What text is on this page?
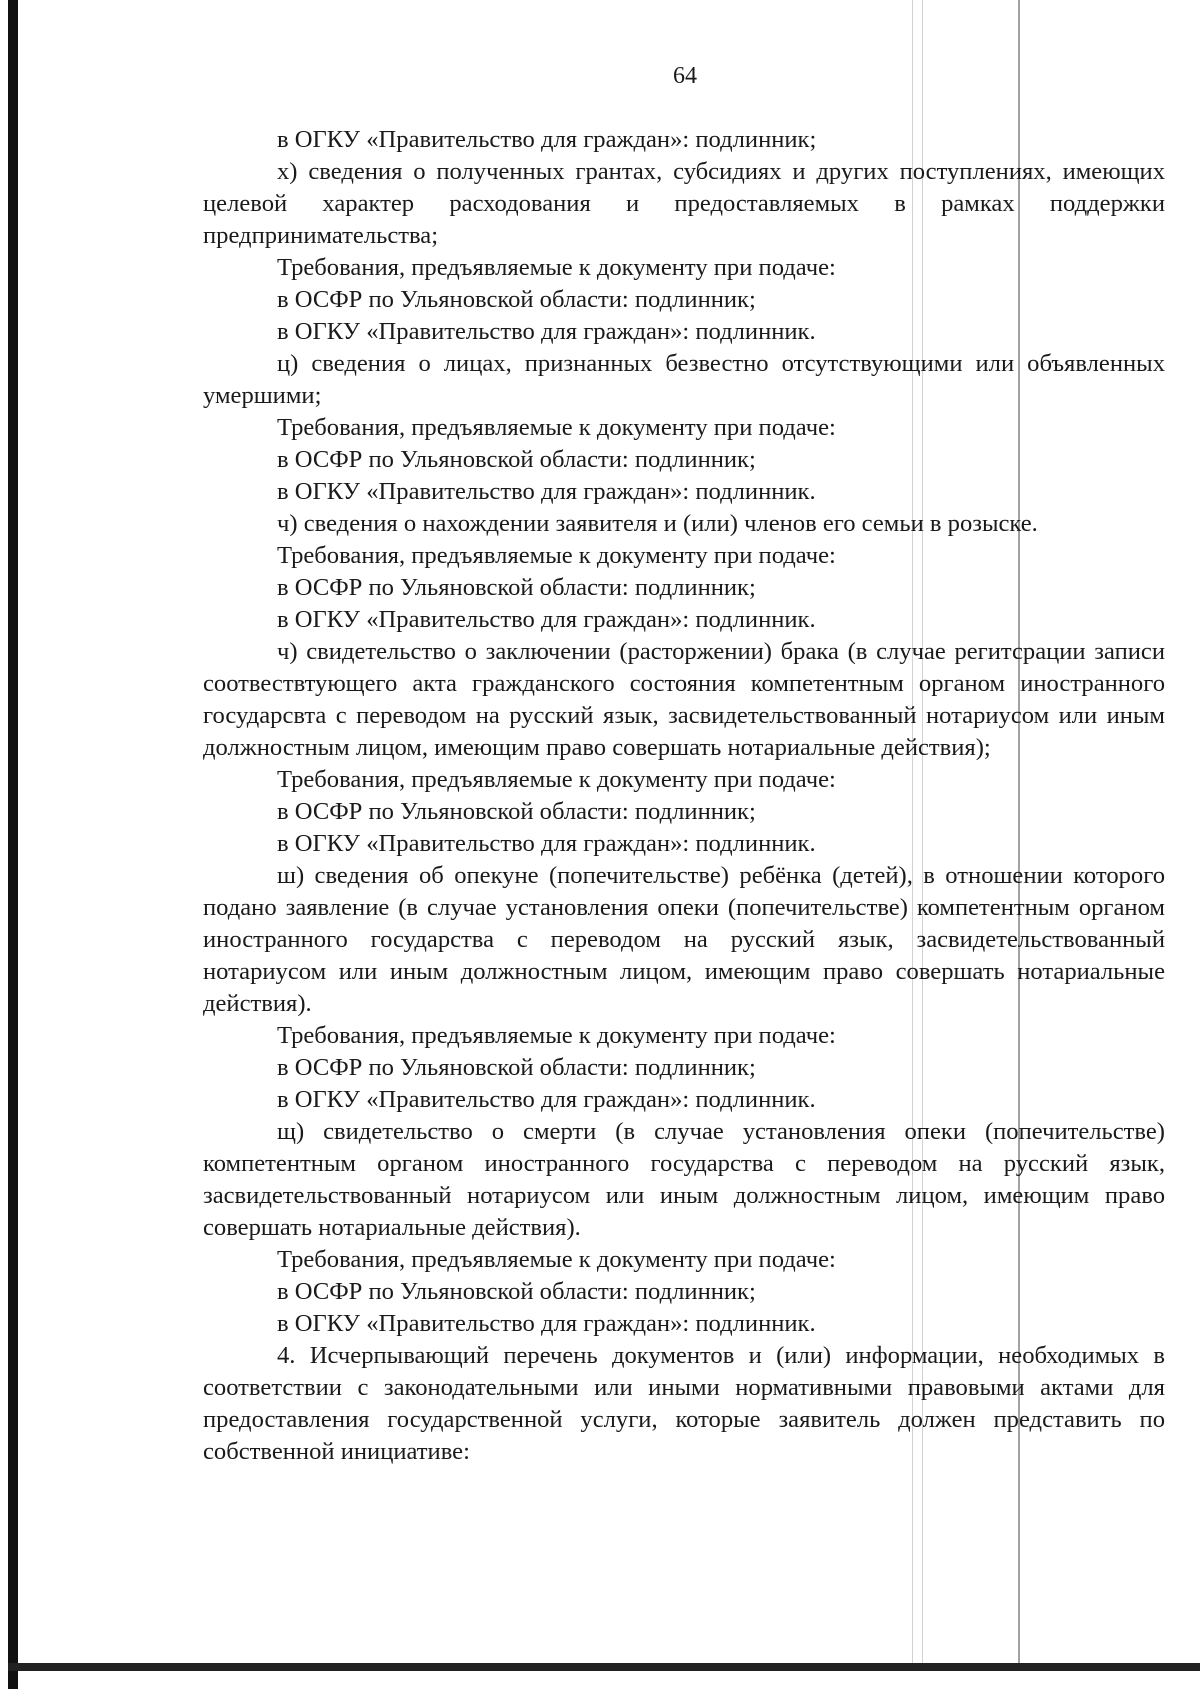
64

в ОГКУ «Правительство для граждан»: подлинник;

х) сведения о полученных грантах, субсидиях и других поступлениях, имеющих целевой характер расходования и предоставляемых в рамках поддержки предпринимательства;

Требования, предъявляемые к документу при подаче:

в ОСФР по Ульяновской области: подлинник;

в ОГКУ «Правительство для граждан»: подлинник.

ц) сведения о лицах, признанных безвестно отсутствующими или объявленных умершими;

Требования, предъявляемые к документу при подаче:

в ОСФР по Ульяновской области: подлинник;

в ОГКУ «Правительство для граждан»: подлинник.

ч) сведения о нахождении заявителя и (или) членов его семьи в розыске.

Требования, предъявляемые к документу при подаче:

в ОСФР по Ульяновской области: подлинник;

в ОГКУ «Правительство для граждан»: подлинник.

ч) свидетельство о заключении (расторжении) брака (в случае регитсрации записи соотвествтующего акта гражданского состояния компетентным органом иностранного государсвта с переводом на русский язык, засвидетельствованный нотариусом или иным должностным лицом, имеющим право совершать нотариальные действия);

Требования, предъявляемые к документу при подаче:

в ОСФР по Ульяновской области: подлинник;

в ОГКУ «Правительство для граждан»: подлинник.

ш) сведения об опекуне (попечительстве) ребёнка (детей), в отношении которого подано заявление (в случае установления опеки (попечительстве) компетентным органом иностранного государства с переводом на русский язык, засвидетельствованный нотариусом или иным должностным лицом, имеющим право совершать нотариальные действия).

Требования, предъявляемые к документу при подаче:

в ОСФР по Ульяновской области: подлинник;

в ОГКУ «Правительство для граждан»: подлинник.

щ) свидетельство о смерти (в случае установления опеки (попечительстве) компетентным органом иностранного государства с переводом на русский язык, засвидетельствованный нотариусом или иным должностным лицом, имеющим право совершать нотариальные действия).

Требования, предъявляемые к документу при подаче:

в ОСФР по Ульяновской области: подлинник;

в ОГКУ «Правительство для граждан»: подлинник.

4. Исчерпывающий перечень документов и (или) информации, необходимых в соответствии с законодательными или иными нормативными правовыми актами для предоставления государственной услуги, которые заявитель должен представить по собственной инициативе:
